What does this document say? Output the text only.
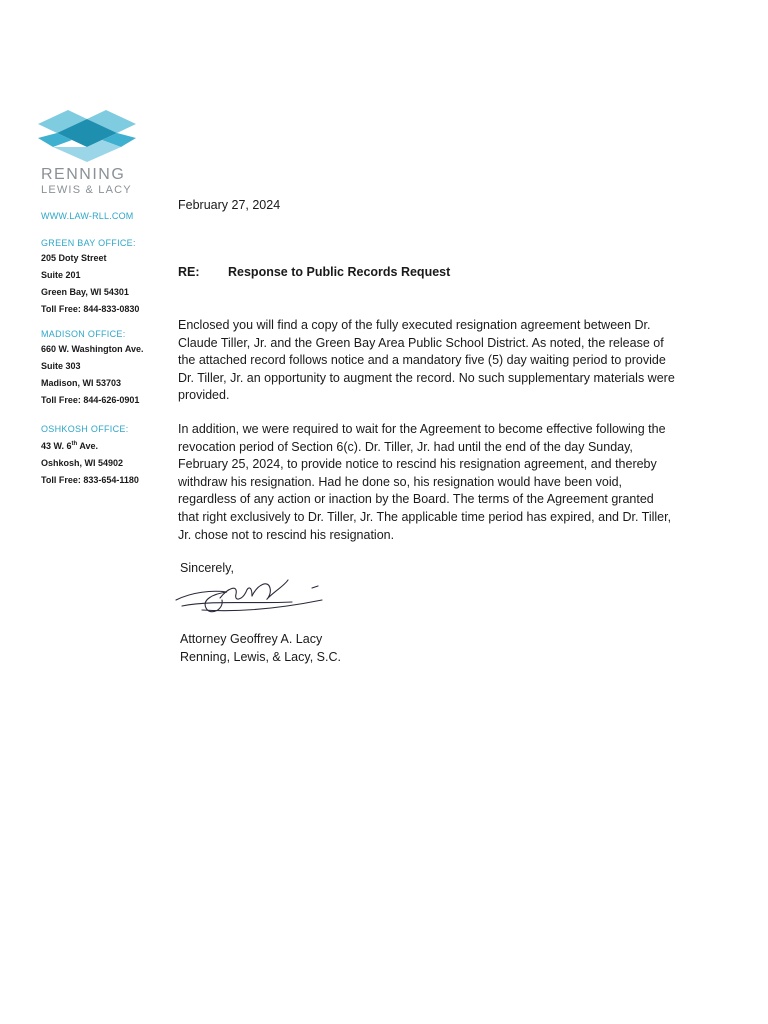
RENNING
LEWIS & LACY
WWW.LAW-RLL.COM
GREEN BAY OFFICE:
205 Doty Street
Suite 201
Green Bay, WI 54301
Toll Free: 844-833-0830
MADISON OFFICE:
660 W. Washington Ave.
Suite 303
Madison, WI 53703
Toll Free: 844-626-0901
OSHKOSH OFFICE:
43 W. 6th Ave.
Oshkosh, WI 54902
Toll Free: 833-654-1180
February 27, 2024
RE: Response to Public Records Request
Enclosed you will find a copy of the fully executed resignation agreement between Dr. Claude Tiller, Jr. and the Green Bay Area Public School District. As noted, the release of the attached record follows notice and a mandatory five (5) day waiting period to provide Dr. Tiller, Jr. an opportunity to augment the record. No such supplementary materials were provided.
In addition, we were required to wait for the Agreement to become effective following the revocation period of Section 6(c). Dr. Tiller, Jr. had until the end of the day Sunday, February 25, 2024, to provide notice to rescind his resignation agreement, and thereby withdraw his resignation. Had he done so, his resignation would have been void, regardless of any action or inaction by the Board. The terms of the Agreement granted that right exclusively to Dr. Tiller, Jr. The applicable time period has expired, and Dr. Tiller, Jr. chose not to rescind his resignation.
Sincerely,
Attorney Geoffrey A. Lacy
Renning, Lewis, & Lacy, S.C.
